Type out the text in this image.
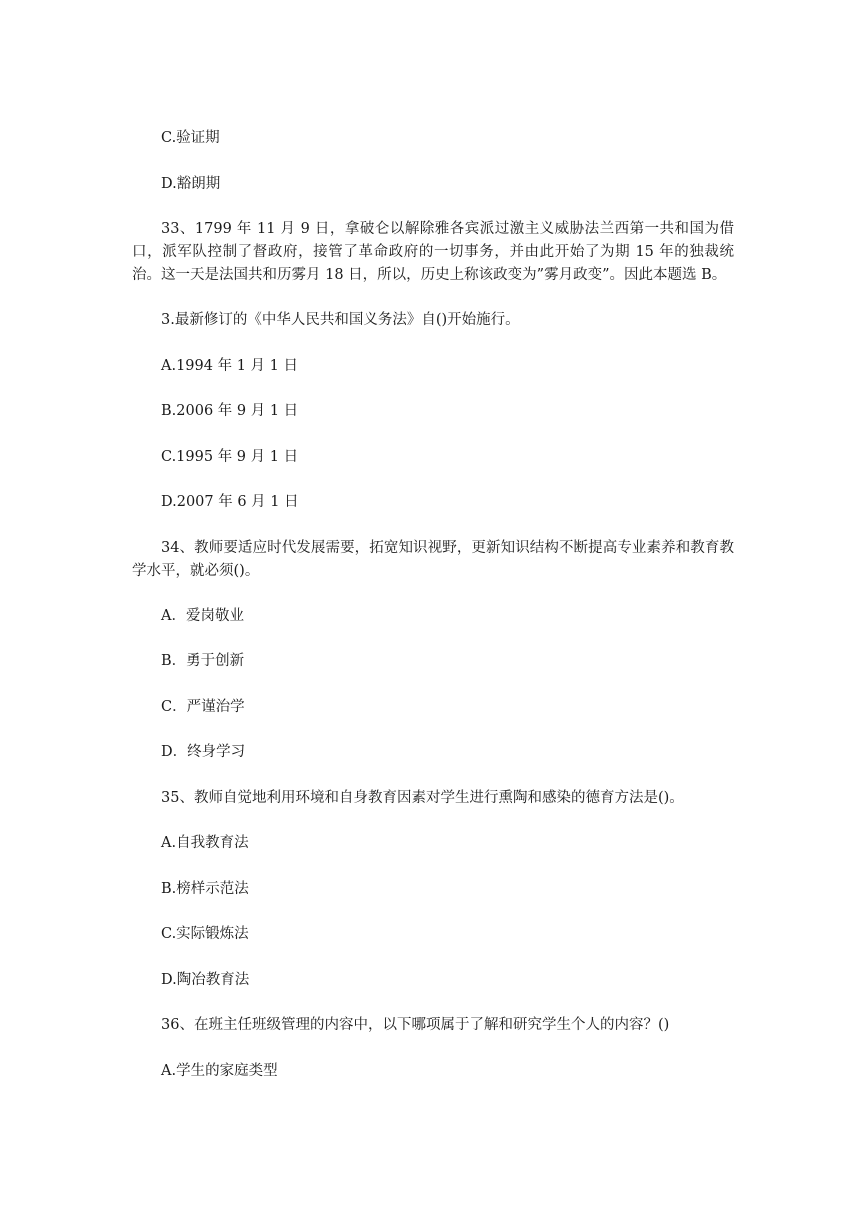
C.验证期
D.豁朗期
33、1799 年 11 月 9 日，拿破仑以解除雅各宾派过激主义威胁法兰西第一共和国为借口，派军队控制了督政府，接管了革命政府的一切事务，并由此开始了为期 15 年的独裁统治。这一天是法国共和历雾月 18 日，所以，历史上称该政变为”雾月政变”。因此本题选 B。
3.最新修订的《中华人民共和国义务法》自()开始施行。
A.1994 年 1 月 1 日
B.2006 年 9 月 1 日
C.1995 年 9 月 1 日
D.2007 年 6 月 1 日
34、教师要适应时代发展需要，拓宽知识视野，更新知识结构不断提高专业素养和教育教学水平，就必须()。
A．爱岗敬业
B．勇于创新
C．严谨治学
D．终身学习
35、教师自觉地利用环境和自身教育因素对学生进行熏陶和感染的德育方法是()。
A.自我教育法
B.榜样示范法
C.实际锻炼法
D.陶冶教育法
36、在班主任班级管理的内容中，以下哪项属于了解和研究学生个人的内容？()
A.学生的家庭类型
